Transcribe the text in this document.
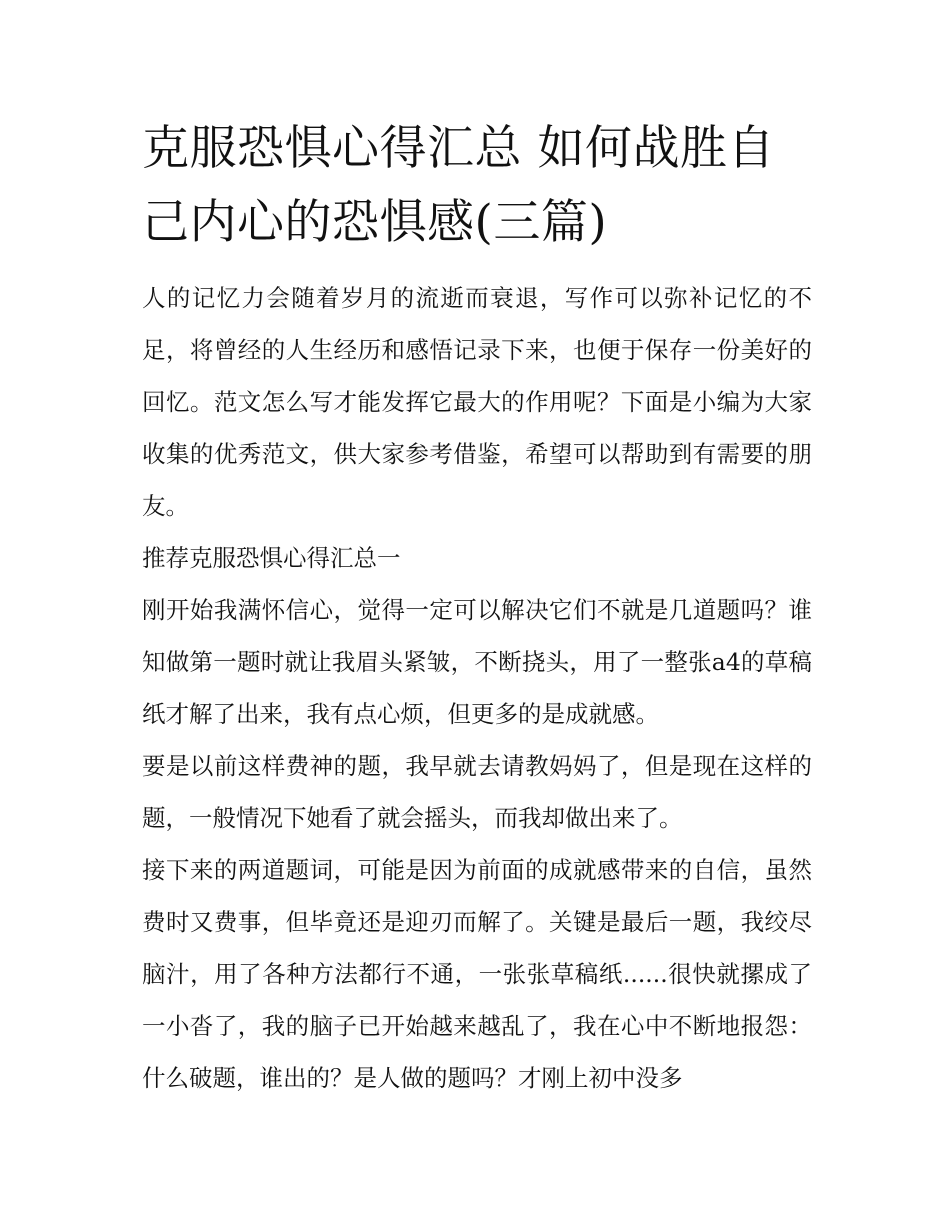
克服恐惧心得汇总 如何战胜自己内心的恐惧感(三篇)

人的记忆力会随着岁月的流逝而衰退，写作可以弥补记忆的不足，将曾经的人生经历和感悟记录下来，也便于保存一份美好的回忆。范文怎么写才能发挥它最大的作用呢？下面是小编为大家收集的优秀范文，供大家参考借鉴，希望可以帮助到有需要的朋友。

推荐克服恐惧心得汇总一

刚开始我满怀信心，觉得一定可以解决它们不就是几道题吗？谁知做第一题时就让我眉头紧皱，不断挠头，用了一整张a4的草稿纸才解了出来，我有点心烦，但更多的是成就感。

要是以前这样费神的题，我早就去请教妈妈了，但是现在这样的题，一般情况下她看了就会摇头，而我却做出来了。

接下来的两道题词，可能是因为前面的成就感带来的自信，虽然费时又费事，但毕竟还是迎刃而解了。关键是最后一题，我绞尽脑汁，用了各种方法都行不通，一张张草稿纸......很快就摞成了一小沓了，我的脑子已开始越来越乱了，我在心中不断地报怨：什么破题，谁出的？是人做的题吗？才刚上初中没多
